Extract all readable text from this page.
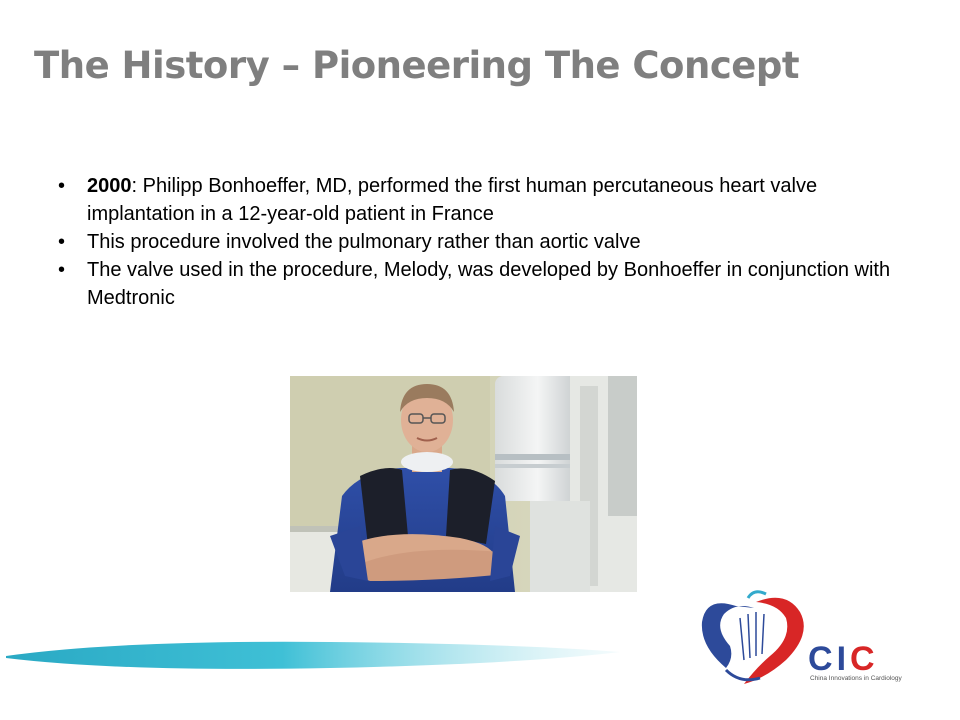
The History – Pioneering The Concept
• 2000: Philipp Bonhoeffer, MD, performed the first human percutaneous heart valve implantation in a 12-year-old patient in France
• This procedure involved the pulmonary rather than aortic valve
• The valve used in the procedure, Melody, was developed by Bonhoeffer in conjunction with Medtronic
CIC
China Innovations in Cardiology
